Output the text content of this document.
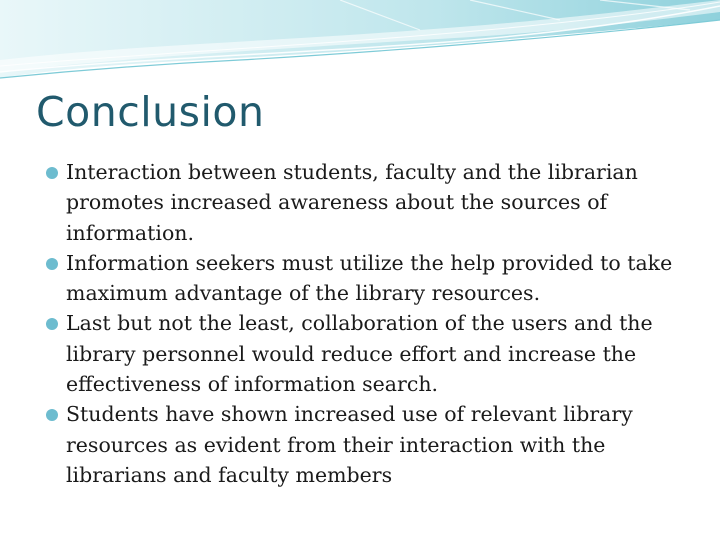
Conclusion
Interaction between students, faculty and the librarian promotes increased awareness about the sources of information.
Information seekers must utilize the help provided to take maximum advantage of the library resources.
Last but not the least, collaboration of the users and the library personnel would reduce effort and increase the effectiveness of information search.
Students have shown increased use of relevant library resources as evident from their interaction with the librarians and faculty members
